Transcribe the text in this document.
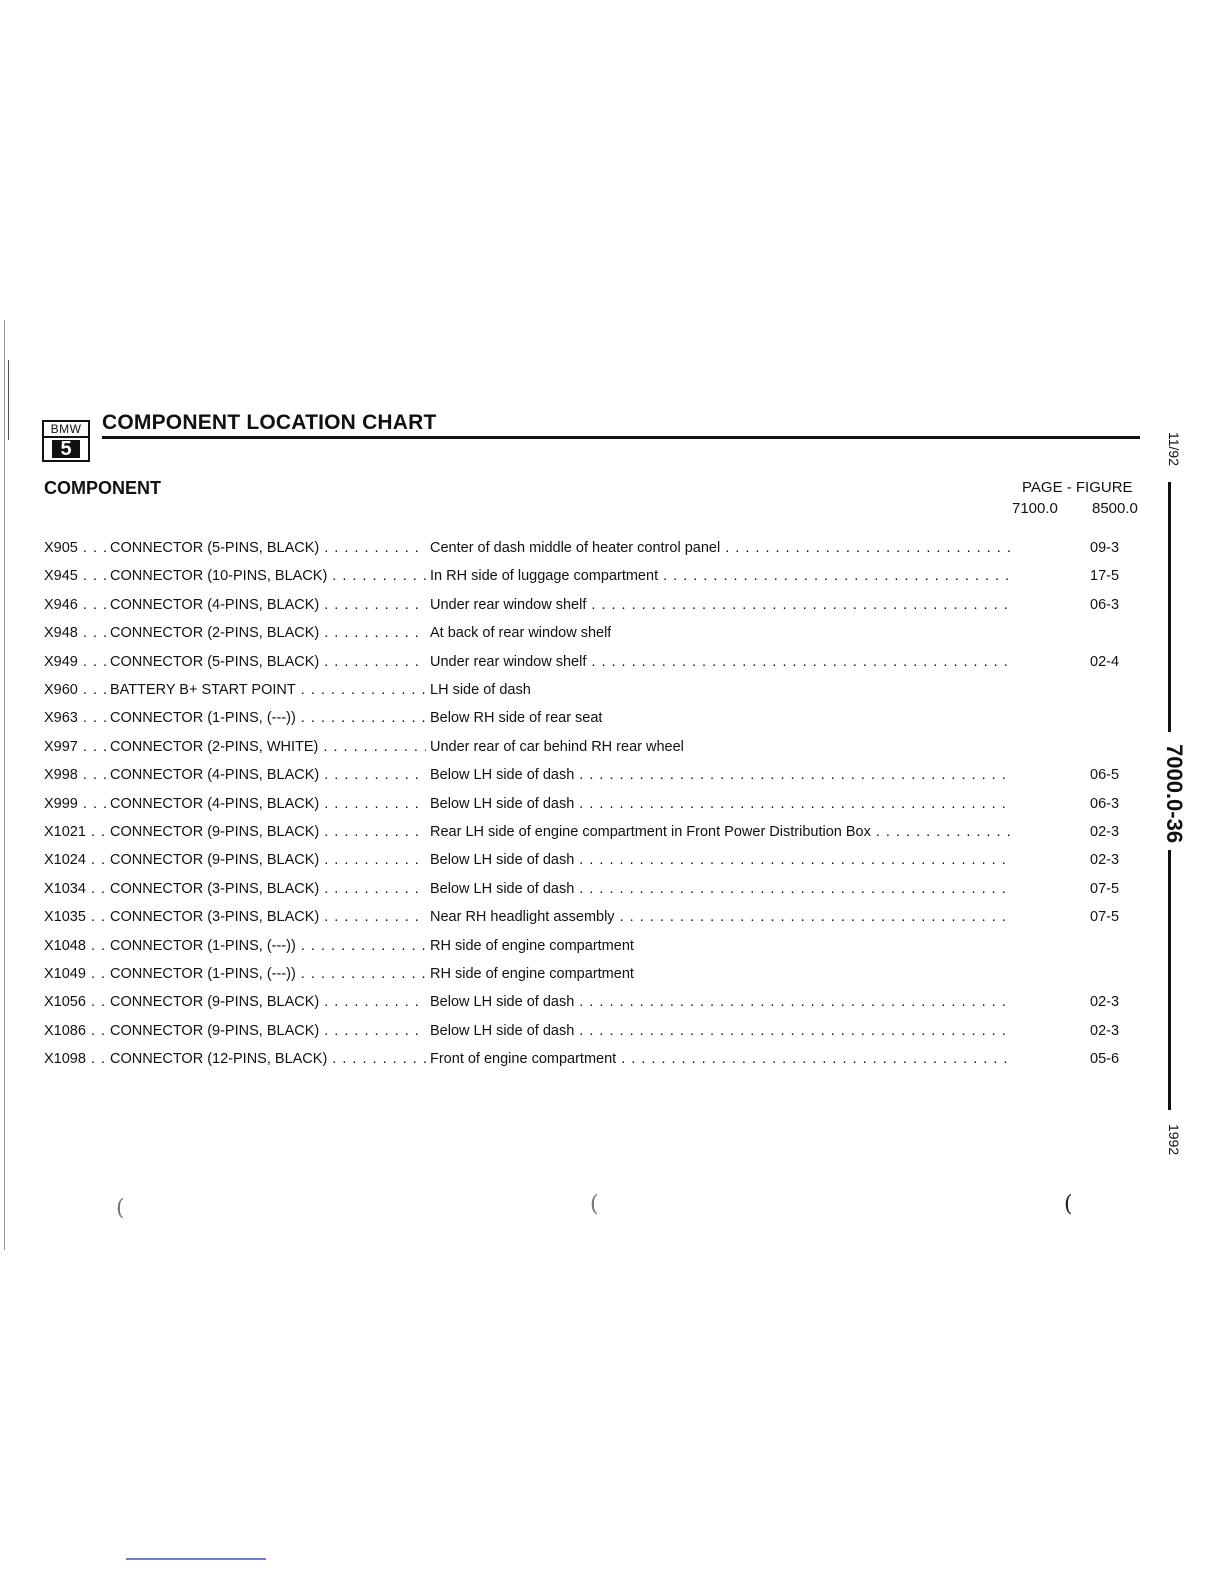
BMW
5
COMPONENT LOCATION CHART
COMPONENT	PAGE - FIGURE
7100.0 8500.0
X905 . . .	CONNECTOR (5-PINS, BLACK) . . .	Center of dash middle of heater control panel . . .	09-3
X945 . . .	CONNECTOR (10-PINS, BLACK) . . .	In RH side of luggage compartment . . .	17-5
X946 . . .	CONNECTOR (4-PINS, BLACK) . . .	Under rear window shelf . . .	06-3
X948 . . .	CONNECTOR (2-PINS, BLACK) . . .	At back of rear window shelf
X949 . . .	CONNECTOR (5-PINS, BLACK) . . .	Under rear window shelf . . .	02-4
X960 . . .	BATTERY B+ START POINT . . .	LH side of dash
X963 . . .	CONNECTOR (1-PINS, (---)) . . .	Below RH side of rear seat
X997 . . .	CONNECTOR (2-PINS, WHITE) . . .	Under rear of car behind RH rear wheel
X998 . . .	CONNECTOR (4-PINS, BLACK) . . .	Below LH side of dash . . .	06-5
X999 . . .	CONNECTOR (4-PINS, BLACK) . . .	Below LH side of dash . . .	06-3
X1021 . . .	CONNECTOR (9-PINS, BLACK) . . .	Rear LH side of engine compartment in Front Power Distribution Box . . .	02-3
X1024 . . .	CONNECTOR (9-PINS, BLACK) . . .	Below LH side of dash . . .	02-3
X1034 . . .	CONNECTOR (3-PINS, BLACK) . . .	Below LH side of dash . . .	07-5
X1035 . . .	CONNECTOR (3-PINS, BLACK) . . .	Near RH headlight assembly . . .	07-5
X1048 . . .	CONNECTOR (1-PINS, (---)) . . .	RH side of engine compartment
X1049 . . .	CONNECTOR (1-PINS, (---)) . . .	RH side of engine compartment
X1056 . . .	CONNECTOR (9-PINS, BLACK) . . .	Below LH side of dash . . .	02-3
X1086 . . .	CONNECTOR (9-PINS, BLACK) . . .	Below LH side of dash . . .	02-3
X1098 . . .	CONNECTOR (12-PINS, BLACK) . . .	Front of engine compartment . . .	05-6
11/92
7000.0-36
1992
(	(	(
